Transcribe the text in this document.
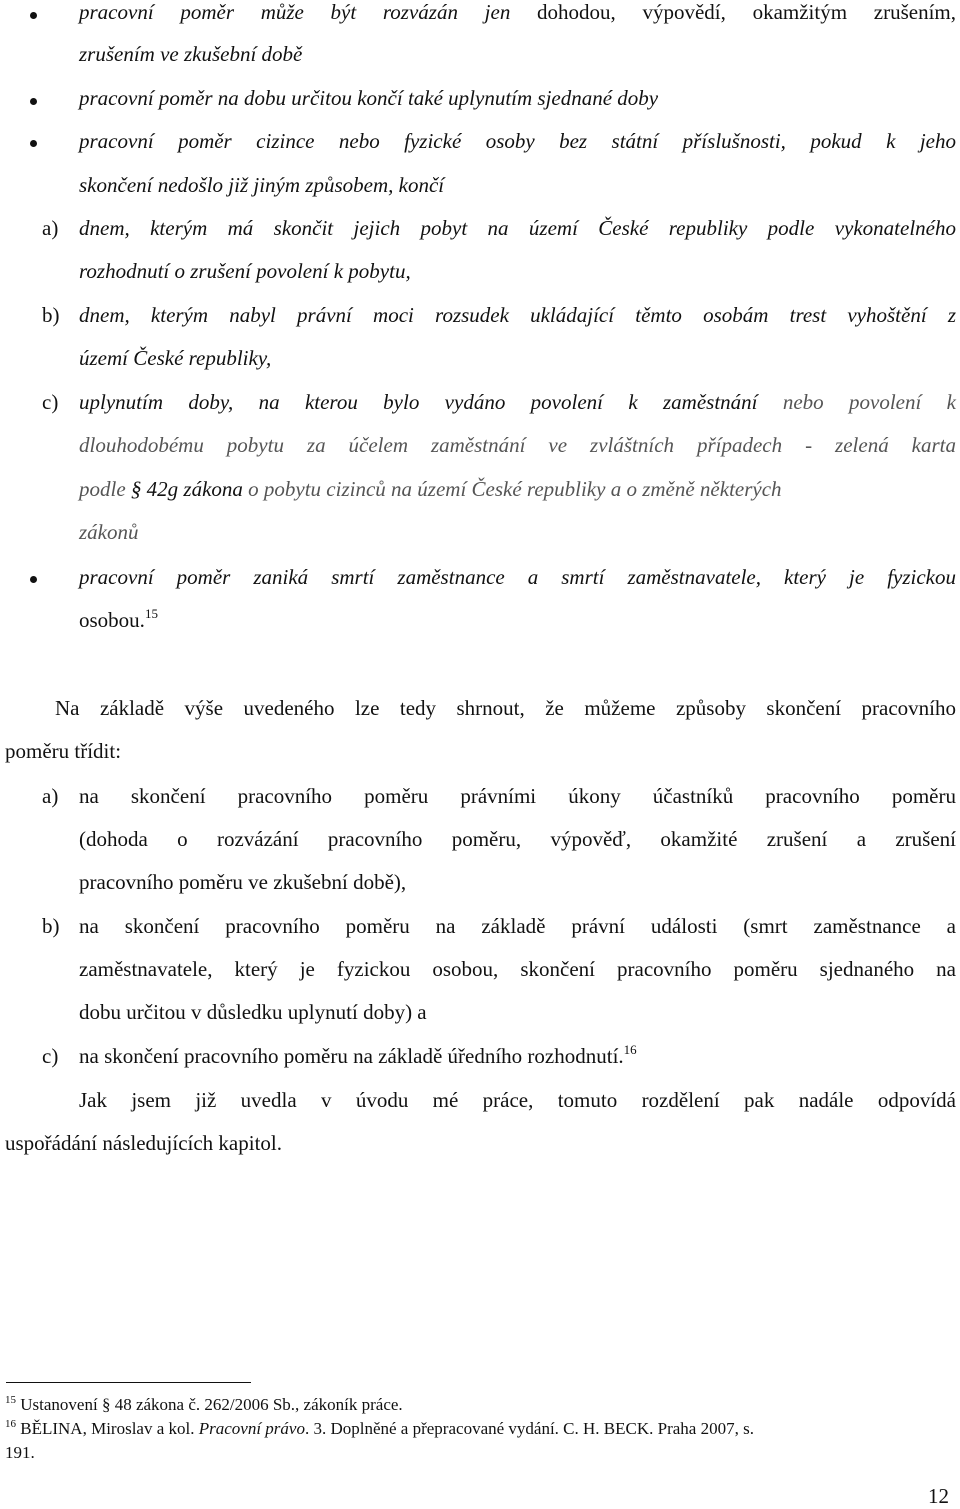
pracovní poměr může být rozvázán jen dohodou, výpovědí, okamžitým zrušením,
zrušením ve zkušební době
pracovní poměr na dobu určitou končí také uplynutím sjednané doby
pracovní poměr cizince nebo fyzické osoby bez státní příslušnosti, pokud k jeho
skončení nedošlo již jiným způsobem, končí
a) dnem, kterým má skončit jejich pobyt na území České republiky podle vykonatelného
rozhodnutí o zrušení povolení k pobytu,
b) dnem, kterým nabyl právní moci rozsudek ukládající těmto osobám trest vyhoštění z
území České republiky,
c) uplynutím doby, na kterou bylo vydáno povolení k zaměstnání nebo povolení k
dlouhodobému pobytu za účelem zaměstnání ve zvláštních případech - zelená karta
podle § 42g zákona o pobytu cizinců na území České republiky a o změně některých
zákonů
pracovní poměr zaniká smrtí zaměstnance a smrtí zaměstnavatele, který je fyzickou
osobou.$^{15}$
Na základě výše uvedeného lze tedy shrnout, že můžeme způsoby skončení pracovního
poměru třídit:
a) na skončení pracovního poměru právními úkony účastníků pracovního poměru
(dohoda o rozvázání pracovního poměru, výpověď, okamžité zrušení a zrušení
pracovního poměru ve zkušební době),
b) na skončení pracovního poměru na základě právní události (smrt zaměstnance a
zaměstnavatele, který je fyzickou osobou, skončení pracovního poměru sjednaného na
dobu určitou v důsledku uplynutí doby) a
c) na skončení pracovního poměru na základě úředního rozhodnutí.$^{16}$
Jak jsem již uvedla v úvodu mé práce, tomuto rozdělení pak nadále odpovídá
uspořádání následujících kapitol.
$^{15}$ Ustanovení § 48 zákona č. 262/2006 Sb., zákoník práce.
$^{16}$ BĚLINA, Miroslav a kol. Pracovní právo. 3. Doplněné a přepracované vydání. C. H. BECK. Praha 2007, s.
191.
12
